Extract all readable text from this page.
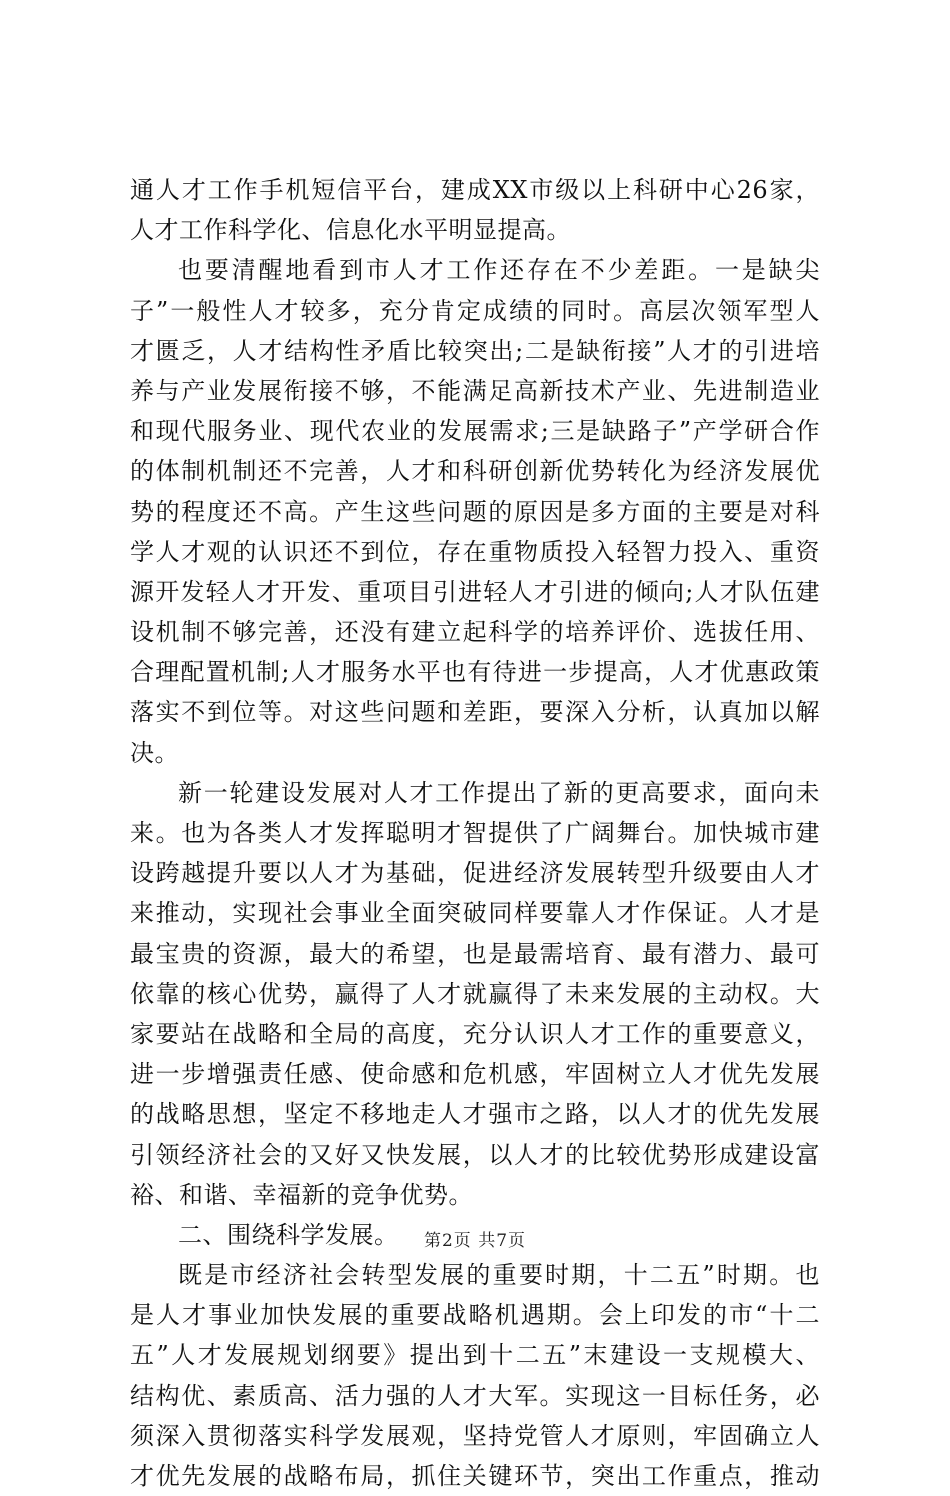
通人才工作手机短信平台，建成XX市级以上科研中心26家，
人才工作科学化、信息化水平明显提高。
也要清醒地看到市人才工作还存在不少差距。一是缺尖
子”一般性人才较多，充分肯定成绩的同时。高层次领军型人
才匮乏，人才结构性矛盾比较突出;二是缺衔接”人才的引进培
养与产业发展衔接不够，不能满足高新技术产业、先进制造业
和现代服务业、现代农业的发展需求;三是缺路子”产学研合作
的体制机制还不完善，人才和科研创新优势转化为经济发展优
势的程度还不高。产生这些问题的原因是多方面的主要是对科
学人才观的认识还不到位，存在重物质投入轻智力投入、重资
源开发轻人才开发、重项目引进轻人才引进的倾向;人才队伍建
设机制不够完善，还没有建立起科学的培养评价、选拔任用、
合理配置机制;人才服务水平也有待进一步提高，人才优惠政策
落实不到位等。对这些问题和差距，要深入分析，认真加以解
决。
新一轮建设发展对人才工作提出了新的更高要求，面向未
来。也为各类人才发挥聪明才智提供了广阔舞台。加快城市建
设跨越提升要以人才为基础，促进经济发展转型升级要由人才
来推动，实现社会事业全面突破同样要靠人才作保证。人才是
最宝贵的资源，最大的希望，也是最需培育、最有潜力、最可
依靠的核心优势，赢得了人才就赢得了未来发展的主动权。大
家要站在战略和全局的高度，充分认识人才工作的重要意义，
进一步增强责任感、使命感和危机感，牢固树立人才优先发展
的战略思想，坚定不移地走人才强市之路，以人才的优先发展
引领经济社会的又好又快发展，以人才的比较优势形成建设富
裕、和谐、幸福新的竞争优势。
二、围绕科学发展。
既是市经济社会转型发展的重要时期，十二五”时期。也
是人才事业加快发展的重要战略机遇期。会上印发的市“十二
五”人才发展规划纲要》提出到十二五”末建设一支规模大、
结构优、素质高、活力强的人才大军。实现这一目标任务，必
须深入贯彻落实科学发展观，坚持党管人才原则，牢固确立人
才优先发展的战略布局，抓住关键环节，突出工作重点，推动
第2页 共7页
